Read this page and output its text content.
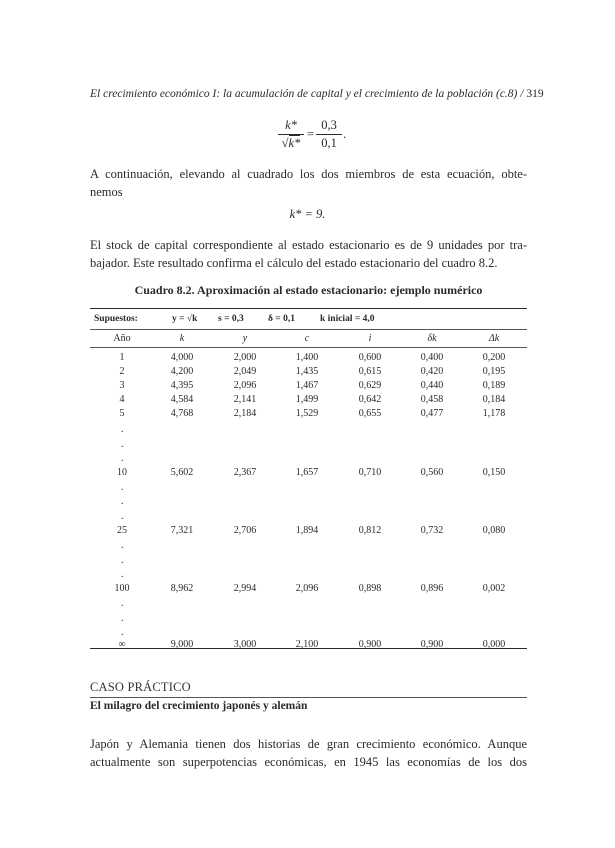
El crecimiento económico I: la acumulación de capital y el crecimiento de la población (c.8) / 319
$\frac{k*}{√k*} = \frac{0,3}{0,1}$ .
A continuación, elevando al cuadrado los dos miembros de esta ecuación, obte-
nemos
k* = 9.
El stock de capital correspondiente al estado estacionario es de 9 unidades por tra-
bajador. Este resultado confirma el cálculo del estado estacionario del cuadro 8.2.
Cuadro 8.2. Aproximación al estado estacionario: ejemplo numérico
Supuestos:	y = √k s = 0,3	δ = 0,1	k inicial = 4,0
Año	k	y	c	i	δk	Δk
1	4,000	2,000	1,400	0,600	0,400	0,200
2	4,200	2,049	1,435	0,615	0,420	0,195
3	4,395	2,096	1,467	0,629	0,440	0,189
4	4,584	2,141	1,499	0,642	0,458	0,184
5	4,768	2,184	1,529	0,655	0,477	1,178
10	5,602	2,367	1,657	0,710	0,560	0,150
25	7,321	2,706	1,894	0,812	0,732	0,080
100	8,962	2,994	2,096	0,898	0,896	0,002
∞	9,000	3,000	2,100	0,900	0,900	0,000
.
.
.
.
.
.
.
.
.
.
.
.
CASO PRÁCTICO
El milagro del crecimiento japonés y alemán
Japón y Alemania tienen dos historias de gran crecimiento económico. Aunque
actualmente son superpotencias económicas, en 1945 las economías de los dos
